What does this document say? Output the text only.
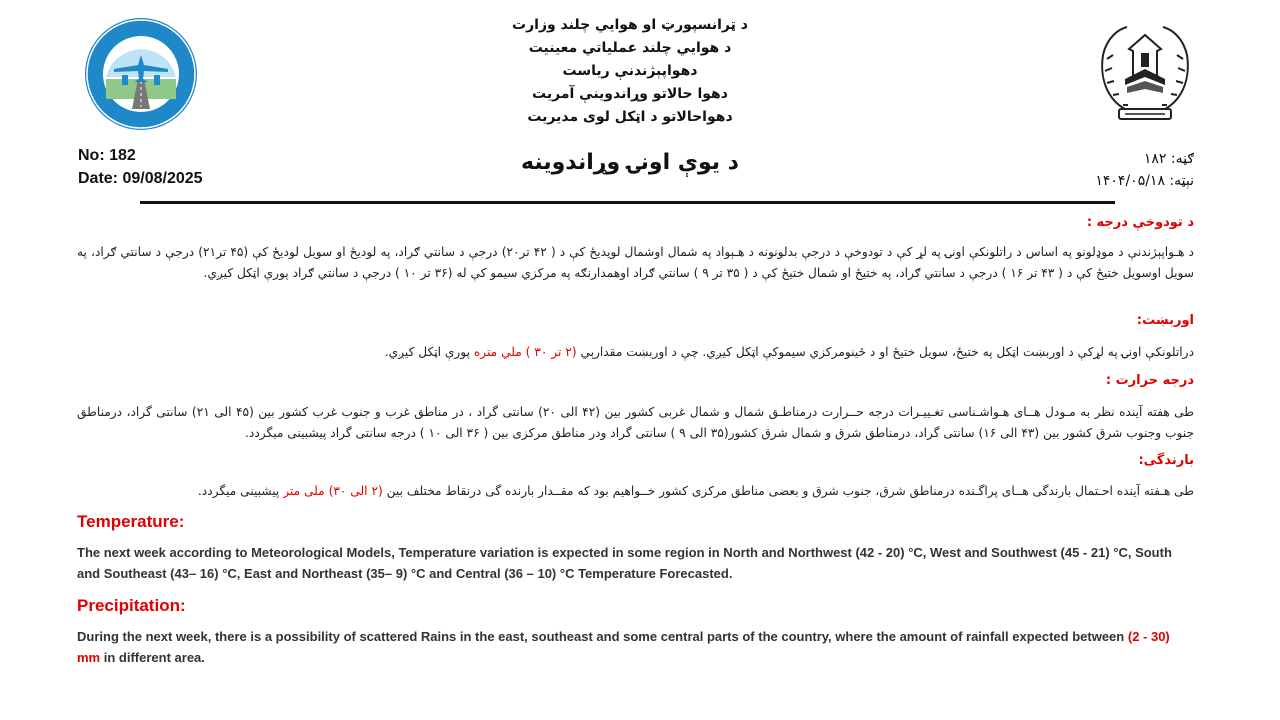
د ټرانسپورټ او هوايي چلند وزارت
د هوايي چلند عملياتي معينيت
دهواپېژندنې رياست
دهوا حالاتو وړاندوينې آمريت
دهواحالاتو د اټکل لوی مدیریت
No: 182
Date: 09/08/2025
د یوې اونۍ وړاندوینه	ګڼه: ۱۸۲
نېټه: ۱۴۰۴/۰۵/۱۸
د تودوخې درجه :
د هـواپېژندنې د موډلونو په اساس د راتلونکې اونۍ په لړ کې د تودوخې د درجې بدلونونه د هـېواد په شمال اوشمال لويديځ کې د ( ۴۲ تر۲۰) درجې د سانتي ګراد، په لوديځ او سويل لوديځ کې (۴۵ تر۲۱) درجې د سانتي ګراد، په سويل اوسويل ختيځ کې د ( ۴۳ تر ۱۶ ) درجې د سانتي ګراد، په ختيځ او شمال ختيځ کې د ( ۳۵ تر ۹ ) سانتي ګراد اوهمدارنګه په مرکزي سيمو کې له (۳۶ تر ۱۰ ) درجې د سانتي ګراد پورې اټکل کيږي.
اوربښت:
دراتلونکې اونۍ په لړکې د اوربښت اټکل په ختيځ، سويل ختيځ او د ځينومرکزي سيموکې اټکل کيږي. چې د اوربښت مقدارېي (۲ تر ۳۰ ) ملي متره پورې اټکل کيږي.
درجه حرارت :
طی هفته آینده نظر به مـودل هــای هـواشـناسی تغـییـرات درجه حــرارت درمناطـق شمال و شمال غربی کشور بين (۴۲ الی ۲۰) سانتی گراد ، در مناطق غرب و جنوب غرب کشور بين (۴۵ الی ۲۱) سانتی گراد، درمناطق جنوب وجنوب شرق کشور بين (۴۳ الی ۱۶) سانتی گراد، درمناطق شرق و شمال شرق کشور(۳۵ الی ۹ ) سانتی گراد ودر مناطق مرکزی بين ( ۳۶ الی ۱۰ ) درجه سانتی گراد پيشبينی میگردد.
بارندگی:
طی هـفته آینده احـتمال بارندگی هــای پراگـنده درمناطق شرق، جنوب شرق و بعضی مناطق مرکزی کشور خــواهیم بود که مقــدار بارنده گی درنقاط مختلف بين (۲ الی ۳۰) ملی متر پیشبینی میگردد.
Temperature:
The next week according to Meteorological Models, Temperature variation is expected in some region in North and Northwest (42 - 20) °C, West and Southwest (45 - 21) °C, South and Southeast (43– 16) °C, East and Northeast (35– 9) °C and Central (36 – 10) °C Temperature Forecasted.
Precipitation:
During the next week, there is a possibility of scattered Rains in the east, southeast and some central parts of the country, where the amount of rainfall expected between (2 - 30) mm in different area.
